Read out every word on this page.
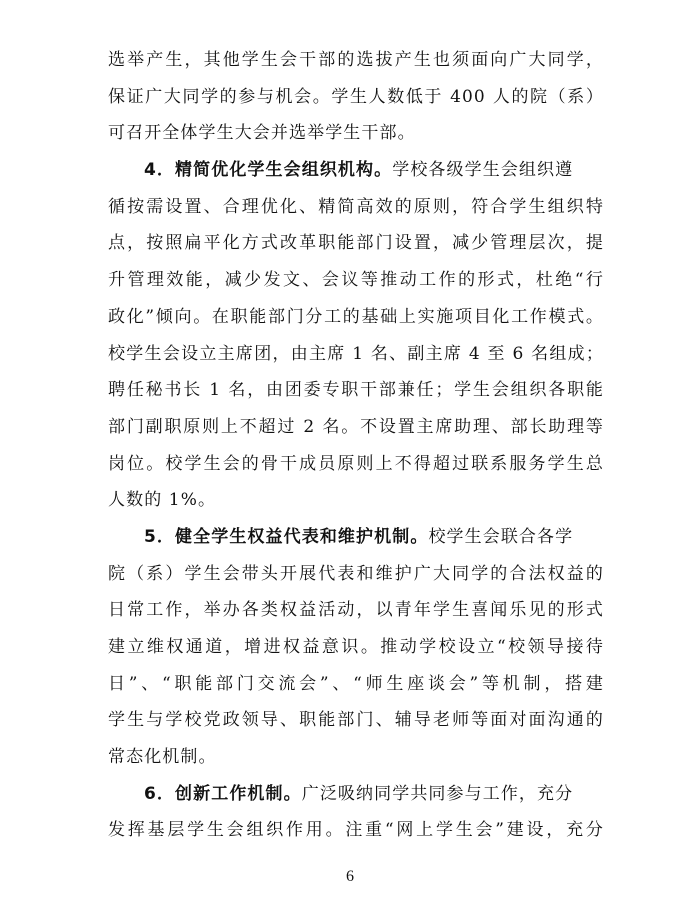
选举产生，其他学生会干部的选拔产生也须面向广大同学，
保证广大同学的参与机会。学生人数低于 400 人的院（系）
可召开全体学生大会并选举学生干部。
4．精简优化学生会组织机构。学校各级学生会组织遵
循按需设置、合理优化、精简高效的原则，符合学生组织特
点，按照扁平化方式改革职能部门设置，减少管理层次，提
升管理效能，减少发文、会议等推动工作的形式，杜绝“行
政化”倾向。在职能部门分工的基础上实施项目化工作模式。
校学生会设立主席团，由主席 1 名、副主席 4 至 6 名组成；
聘任秘书长 1 名，由团委专职干部兼任；学生会组织各职能
部门副职原则上不超过 2 名。不设置主席助理、部长助理等
岗位。校学生会的骨干成员原则上不得超过联系服务学生总
人数的 1%。
5．健全学生权益代表和维护机制。校学生会联合各学
院（系）学生会带头开展代表和维护广大同学的合法权益的
日常工作，举办各类权益活动，以青年学生喜闻乐见的形式
建立维权通道，增进权益意识。推动学校设立“校领导接待
日”、“职能部门交流会”、“师生座谈会”等机制，搭建
学生与学校党政领导、职能部门、辅导老师等面对面沟通的
常态化机制。
6．创新工作机制。广泛吸纳同学共同参与工作，充分
发挥基层学生会组织作用。注重“网上学生会”建设，充分
6
